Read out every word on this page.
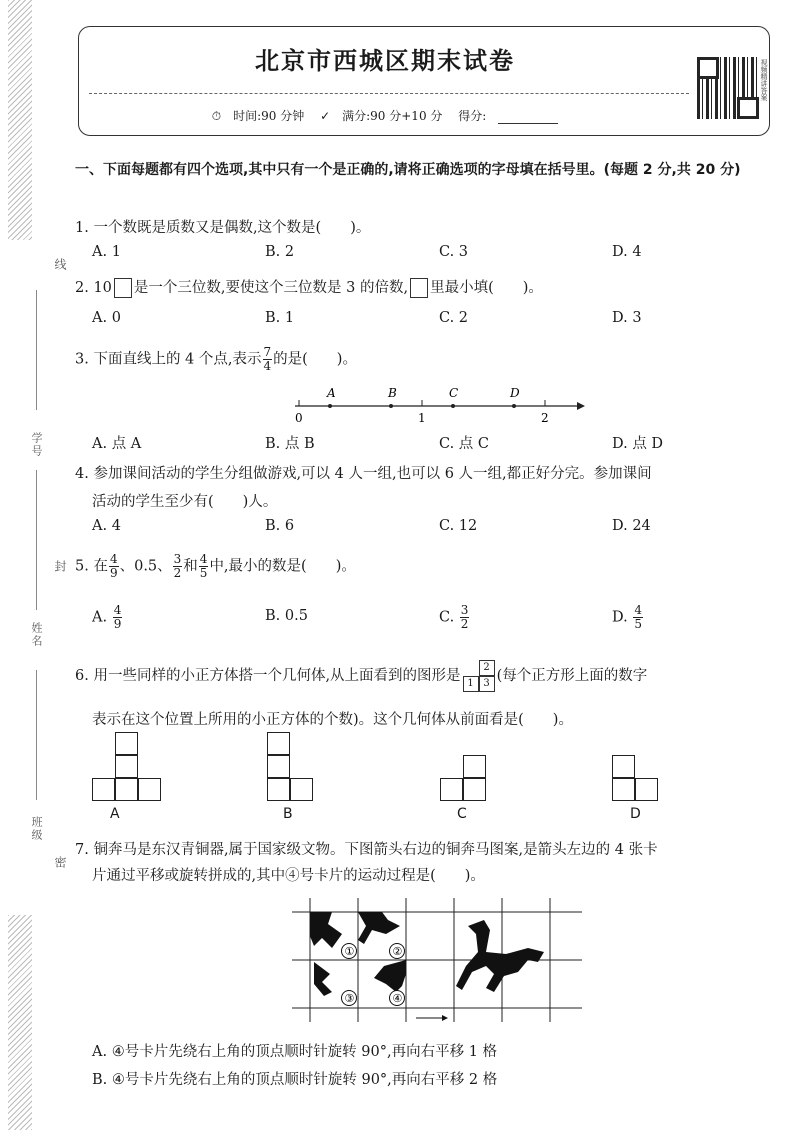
线
学号
封
姓名
班级
密
北京市西城区期末试卷
⏱ 时间:90 分钟 ✓ 满分:90 分+10 分 得分:
视频精讲答案
一、下面每题都有四个选项,其中只有一个是正确的,请将正确选项的字母填在括号里。(每题 2 分,共 20 分)
1. 一个数既是质数又是偶数,这个数是(　　)。
A. 1	B. 2	C. 3	D. 4
2. 10 是一个三位数,要使这个三位数是 3 的倍数, 里最小填(　　)。
A. 0	B. 1	C. 2	D. 3
3. 下面直线上的 4 个点,表示 $\frac{7}{4}$ 的是(　　)。
A	B	C	D
0	1	2
A. 点 A	B. 点 B	C. 点 C	D. 点 D
4. 参加课间活动的学生分组做游戏,可以 4 人一组,也可以 6 人一组,都正好分完。参加课间
活动的学生至少有(　　)人。
A. 4	B. 6	C. 12	D. 24
5. 在 $\frac{4}{9}$ 、0.5、 $\frac{3}{2}$ 和 $\frac{4}{5}$ 中,最小的数是(　　)。
A. $\frac{4}{9}$	B. 0.5	C. $\frac{3}{2}$	D. $\frac{4}{5}$
6. 用一些同样的小正方体搭一个几何体,从上面看到的图形是
2
1 3 (每个正方形上面的数字
表示在这个位置上所用的小正方体的个数)。这个几何体从前面看是(　　)。
A	B	C	D
7. 铜奔马是东汉青铜器,属于国家级文物。下图箭头右边的铜奔马图案,是箭头左边的 4 张卡
片通过平移或旋转拼成的,其中④号卡片的运动过程是(　　)。
①	②
③	④
A. ④号卡片先绕右上角的顶点顺时针旋转 90°,再向右平移 1 格
B. ④号卡片先绕右上角的顶点顺时针旋转 90°,再向右平移 2 格
